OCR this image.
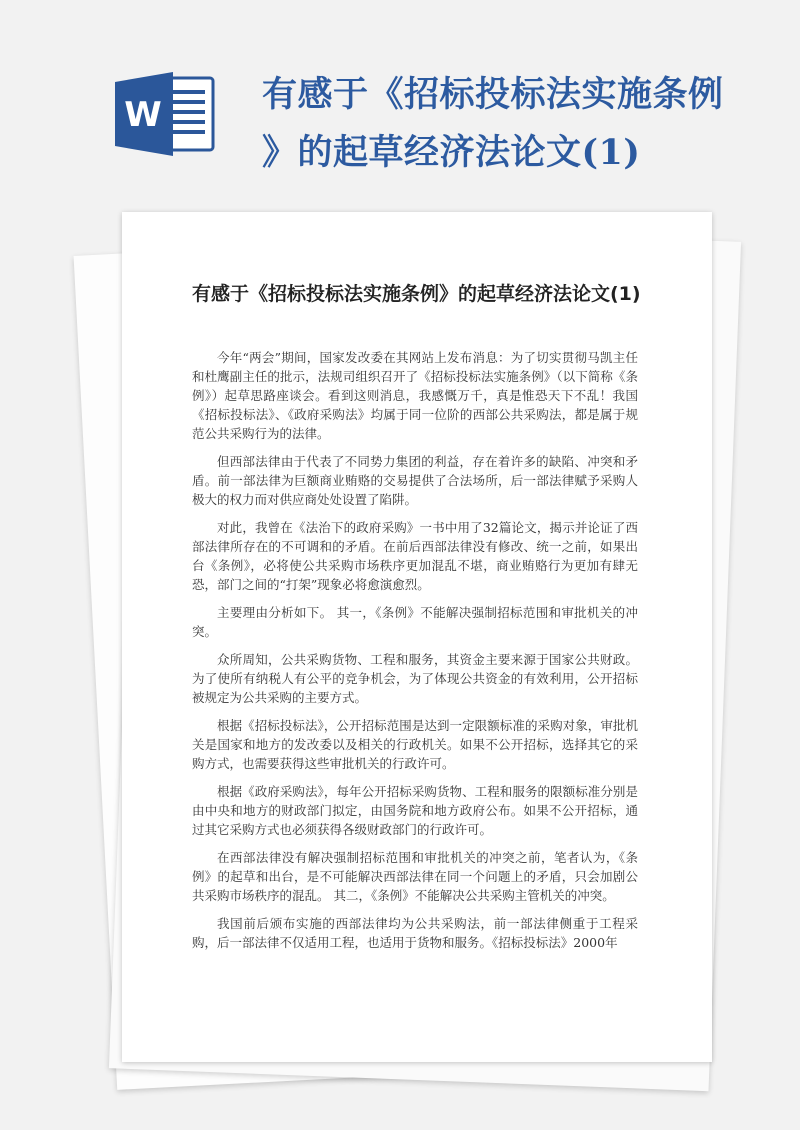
W	有感于《招标投标法实施条例
》的起草经济法论文(1)
有感于《招标投标法实施条例》的起草经济法论文(1)

今年“两会”期间，国家发改委在其网站上发布消息：为了切实贯彻马凯主任和杜鹰副主任的批示，法规司组织召开了《招标投标法实施条例》（以下简称《条例》）起草思路座谈会。看到这则消息，我感慨万千，真是惟恐天下不乱！我国《招标投标法》、《政府采购法》均属于同一位阶的西部公共采购法，都是属于规范公共采购行为的法律。

但西部法律由于代表了不同势力集团的利益，存在着许多的缺陷、冲突和矛盾。前一部法律为巨额商业贿赂的交易提供了合法场所，后一部法律赋予采购人极大的权力而对供应商处处设置了陷阱。

对此，我曾在《法治下的政府采购》一书中用了32篇论文，揭示并论证了西部法律所存在的不可调和的矛盾。在前后西部法律没有修改、统一之前，如果出台《条例》，必将使公共采购市场秩序更加混乱不堪，商业贿赂行为更加有肆无恐，部门之间的“打架”现象必将愈演愈烈。

主要理由分析如下。 其一，《条例》不能解决强制招标范围和审批机关的冲突。

众所周知，公共采购货物、工程和服务，其资金主要来源于国家公共财政。为了使所有纳税人有公平的竞争机会，为了体现公共资金的有效利用，公开招标被规定为公共采购的主要方式。

根据《招标投标法》，公开招标范围是达到一定限额标准的采购对象，审批机关是国家和地方的发改委以及相关的行政机关。如果不公开招标，选择其它的采购方式，也需要获得这些审批机关的行政许可。

根据《政府采购法》，每年公开招标采购货物、工程和服务的限额标准分别是由中央和地方的财政部门拟定，由国务院和地方政府公布。如果不公开招标，通过其它采购方式也必须获得各级财政部门的行政许可。

在西部法律没有解决强制招标范围和审批机关的冲突之前，笔者认为，《条例》的起草和出台，是不可能解决西部法律在同一个问题上的矛盾，只会加剧公共采购市场秩序的混乱。 其二，《条例》不能解决公共采购主管机关的冲突。

我国前后颁布实施的西部法律均为公共采购法，前一部法律侧重于工程采购，后一部法律不仅适用工程，也适用于货物和服务。《招标投标法》2000年
